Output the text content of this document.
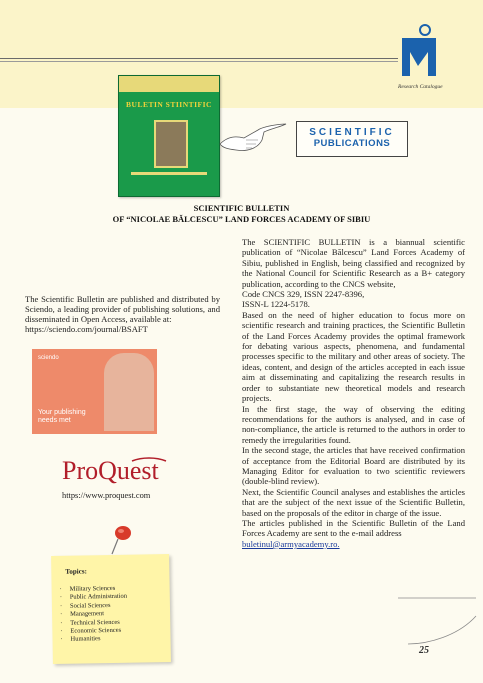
Research Catalogue
BULETIN STIINTIFIC
SCIENTIFIC
PUBLICATIONS
SCIENTIFIC BULLETIN
OF “NICOLAE BĂLCESCU” LAND FORCES ACADEMY OF SIBIU
The Scientific Bulletin are published and distributed by Sciendo, a leading provider of publishing solutions, and disseminated in Open Access, available at:
https://sciendo.com/journal/BSAFT
sciendo
Your publishing needs met
ProQuest
https://www.proquest.com
Topics:
· Military Sciences
· Public Administration
· Social Sciences
· Management
· Technical Sciences
· Economic Sciences
· Humanities

The SCIENTIFIC BULLETIN is a biannual scientific publication of “Nicolae Bălcescu” Land Forces Academy of Sibiu, published in English, being classified and recognized by the National Council for Scientific Research as a B+ category publication, according to the CNCS website,

Code CNCS 329, ISSN 2247-8396,

ISSN-L 1224-5178.

Based on the need of higher education to focus more on scientific research and training practices, the Scientific Bulletin of the Land Forces Academy provides the optimal framework for debating various aspects, phenomena, and fundamental processes specific to the military and other areas of society. The ideas, content, and design of the articles accepted in each issue aim at disseminating and capitalizing the research results in order to substantiate new theoretical models and research projects.

In the first stage, the way of observing the editing recommendations for the authors is analysed, and in case of non-compliance, the article is returned to the authors in order to remedy the irregularities found.

In the second stage, the articles that have received confirmation of acceptance from the Editorial Board are distributed by its Managing Editor for evaluation to two scientific reviewers (double-blind review).

Next, the Scientific Council analyses and establishes the articles that are the subject of the next issue of the Scientific Bulletin, based on the proposals of the editor in charge of the issue.

The articles published in the Scientific Bulletin of the Land Forces Academy are sent to the e-mail address

buletinul@armyacademy.ro.

25
